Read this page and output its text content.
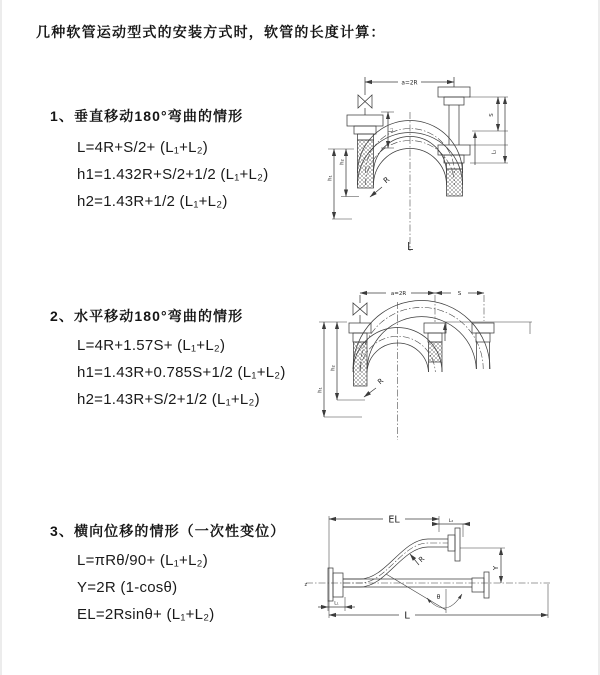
几种软管运动型式的安装方式时，软管的长度计算：
1、垂直移动180°弯曲的情形
L=4R+S/2+ (L₁+L₂)
h1=1.432R+S/2+1/2 (L₁+L₂)
h2=1.43R+1/2 (L₁+L₂)
a=2R
h₁
h₂
L₁
S
L₂
R
L
2、水平移动180°弯曲的情形
L=4R+1.57S+ (L₁+L₂)
h1=1.43R+0.785S+1/2 (L₁+L₂)
h2=1.43R+S/2+1/2 (L₁+L₂)
a=2R	S
h₁
h₂
R
3、横向位移的情形（一次性变位）
L=πRθ/90+ (L₁+L₂)
Y=2R (1-cosθ)
EL=2Rsinθ+ (L₁+L₂)
z
EL	L₂
Y
R
θ
L
L₁
